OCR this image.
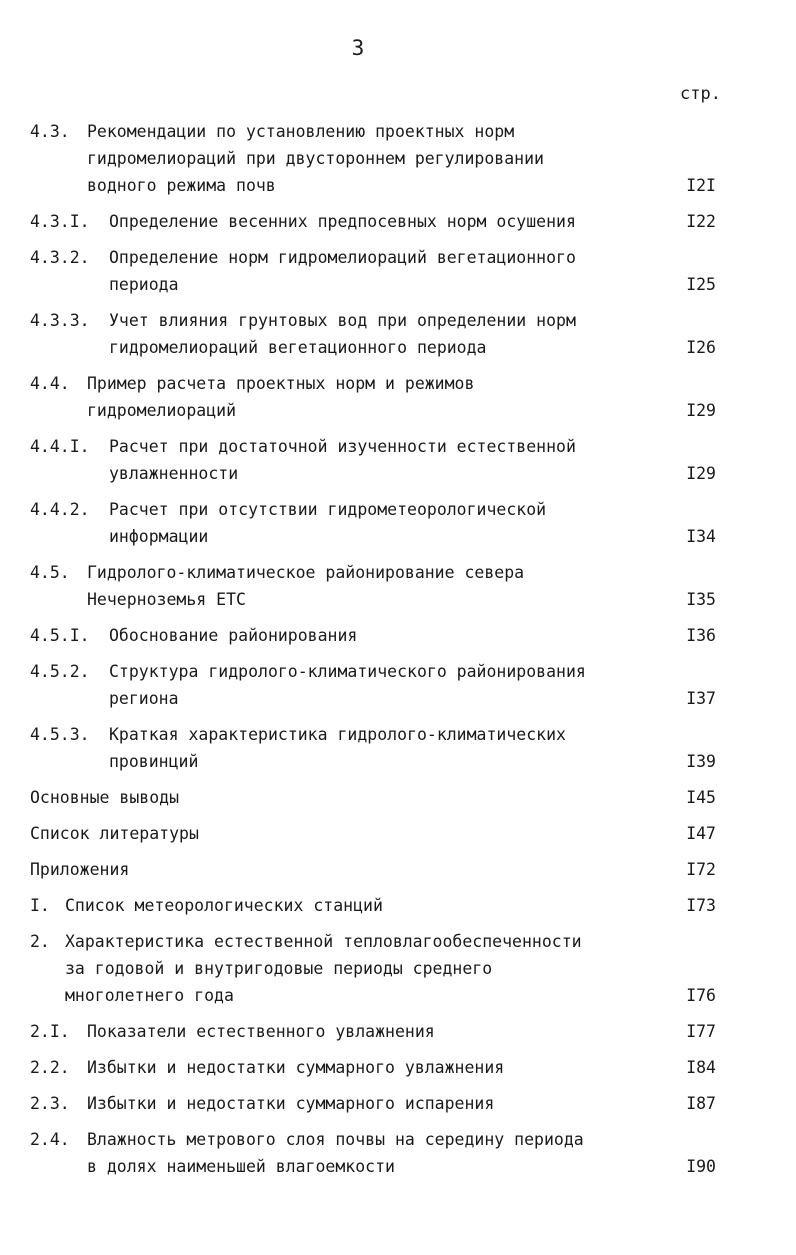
3
стр.
4.3. Рекомендации по установлению проектных норм
гидромелиораций при двустороннем регулировании
водного режима почв	I2I
4.3.I. Определение весенних предпосевных норм осушения	I22
4.3.2. Определение норм гидромелиораций вегетационного
периода	I25
4.3.3. Учет влияния грунтовых вод при определении норм
гидромелиораций вегетационного периода	I26
4.4. Пример расчета проектных норм и режимов
гидромелиораций	I29
4.4.I. Расчет при достаточной изученности естественной
увлажненности	I29
4.4.2. Расчет при отсутствии гидрометеорологической
информации	I34
4.5. Гидролого-климатическое районирование севера
Нечерноземья ЕТС	I35
4.5.I. Обоснование районирования	I36
4.5.2. Структура гидролого-климатического районирования
региона	I37
4.5.3. Краткая характеристика гидролого-климатических
провинций	I39
Основные выводы	I45
Список литературы	I47
Приложения	I72
I. Список метеорологических станций	I73
2. Характеристика естественной тепловлагообеспеченности
за годовой и внутригодовые периоды среднего
многолетнего года	I76
2.I. Показатели естественного увлажнения	I77
2.2. Избытки и недостатки суммарного увлажнения	I84
2.3. Избытки и недостатки суммарного испарения	I87
2.4. Влажность метрового слоя почвы на середину периода
в долях наименьшей влагоемкости	I90
